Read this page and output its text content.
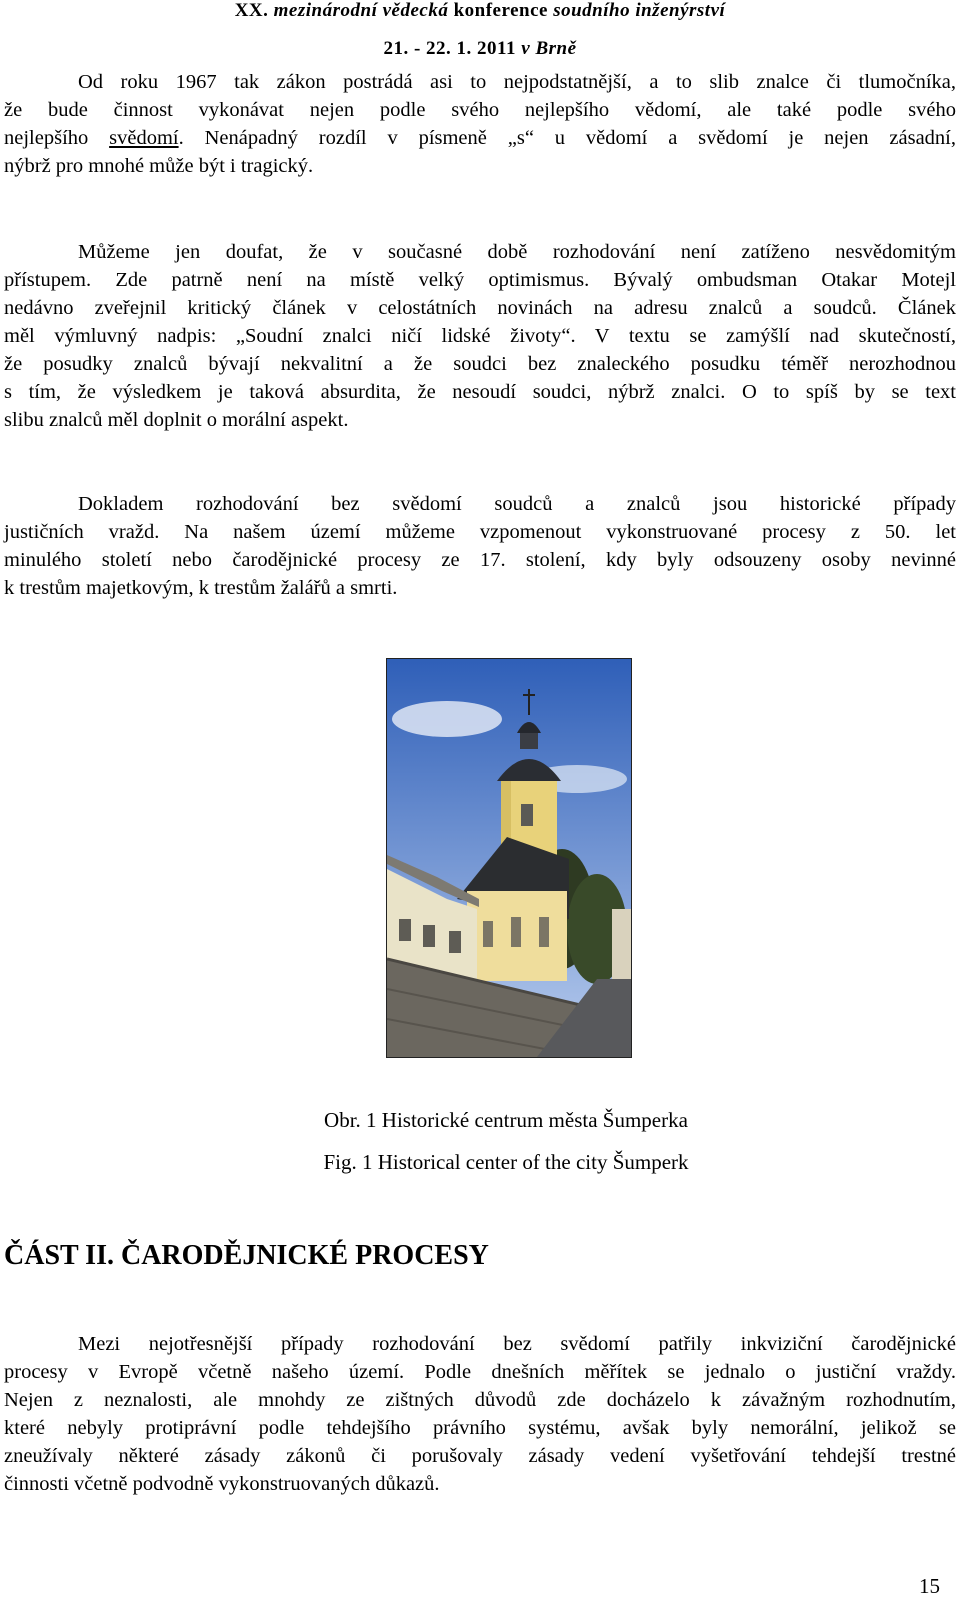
XX. mezinárodní vědecká konference soudního inženýrství
21. - 22. 1. 2011 v Brně
Od roku 1967 tak zákon postrádá asi to nejpodstatnější, a to slib znalce či tlumočníka,
že bude činnost vykonávat nejen podle svého nejlepšího vědomí, ale také podle svého
nejlepšího svědomí. Nenápadný rozdíl v písmeně „s“ u vědomí a svědomí je nejen zásadní,
nýbrž pro mnohé může být i tragický.
Můžeme jen doufat, že v současné době rozhodování není zatíženo nesvědomitým
přístupem. Zde patrně není na místě velký optimismus. Bývalý ombudsman Otakar Motejl
nedávno zveřejnil kritický článek v celostátních novinách na adresu znalců a soudců. Článek
měl výmluvný nadpis: „Soudní znalci ničí lidské životy“. V textu se zamýšlí nad skutečností,
že posudky znalců bývají nekvalitní a že soudci bez znaleckého posudku téměř nerozhodnou
s tím, že výsledkem je taková absurdita, že nesoudí soudci, nýbrž znalci. O to spíš by se text
slibu znalců měl doplnit o morální aspekt.
Dokladem rozhodování bez svědomí soudců a znalců jsou historické případy
justičních vražd. Na našem území můžeme vzpomenout vykonstruované procesy z 50. let
minulého století nebo čarodějnické procesy ze 17. stolení, kdy byly odsouzeny osoby nevinné
k trestům majetkovým, k trestům žalářů a smrti.
Obr. 1 Historické centrum města Šumperka
Fig. 1 Historical center of the city Šumperk
ČÁST II. ČARODĚJNICKÉ PROCESY
Mezi nejotřesnější případy rozhodování bez svědomí patřily inkviziční čarodějnické
procesy v Evropě včetně našeho území. Podle dnešních měřítek se jednalo o justiční vraždy.
Nejen z neznalosti, ale mnohdy ze zištných důvodů zde docházelo k závažným rozhodnutím,
které nebyly protiprávní podle tehdejšího právního systému, avšak byly nemorální, jelikož se
zneužívaly některé zásady zákonů či porušovaly zásady vedení vyšetřování tehdejší trestné
činnosti včetně podvodně vykonstruovaných důkazů.
15
